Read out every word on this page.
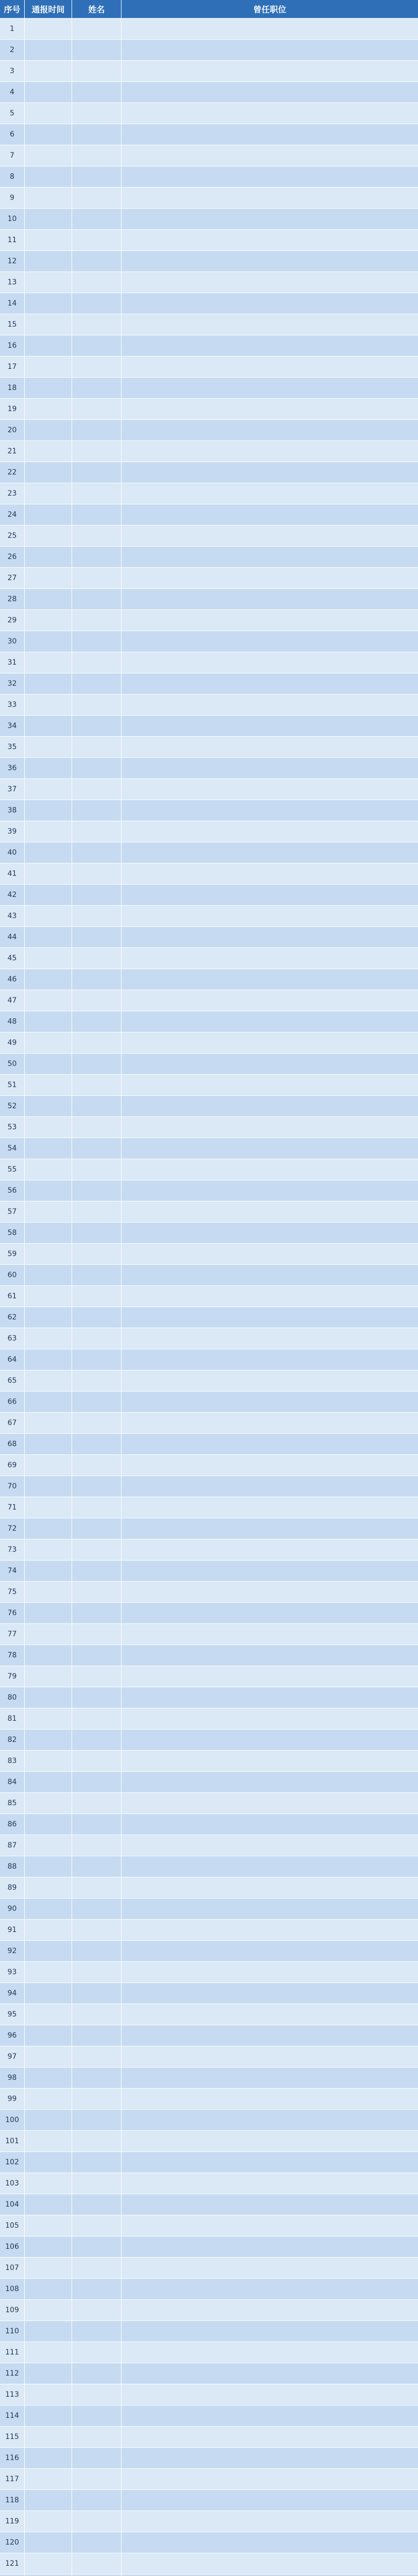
序号	通报时间	姓名	曾任职位
1
2
3
4
5
6
7
8
9
10
11
12
13
14
15
16
17
18
19
20
21
22
23
24
25
26
27
28
29
30
31
32
33
34
35
36
37
38
39
40
41
42
43
44
45
46
47
48
49
50
51
52
53
54
55
56
57
58
59
60
61
62
63
64
65
66
67
68
69
70
71
72
73
74
75
76
77
78
79
80
81
82
83
84
85
86
87
88
89
90
91
92
93
94
95
96
97
98
99
100
101
102
103
104
105
106
107
108
109
110
111
112
113
114
115
116
117
118
119
120
121
